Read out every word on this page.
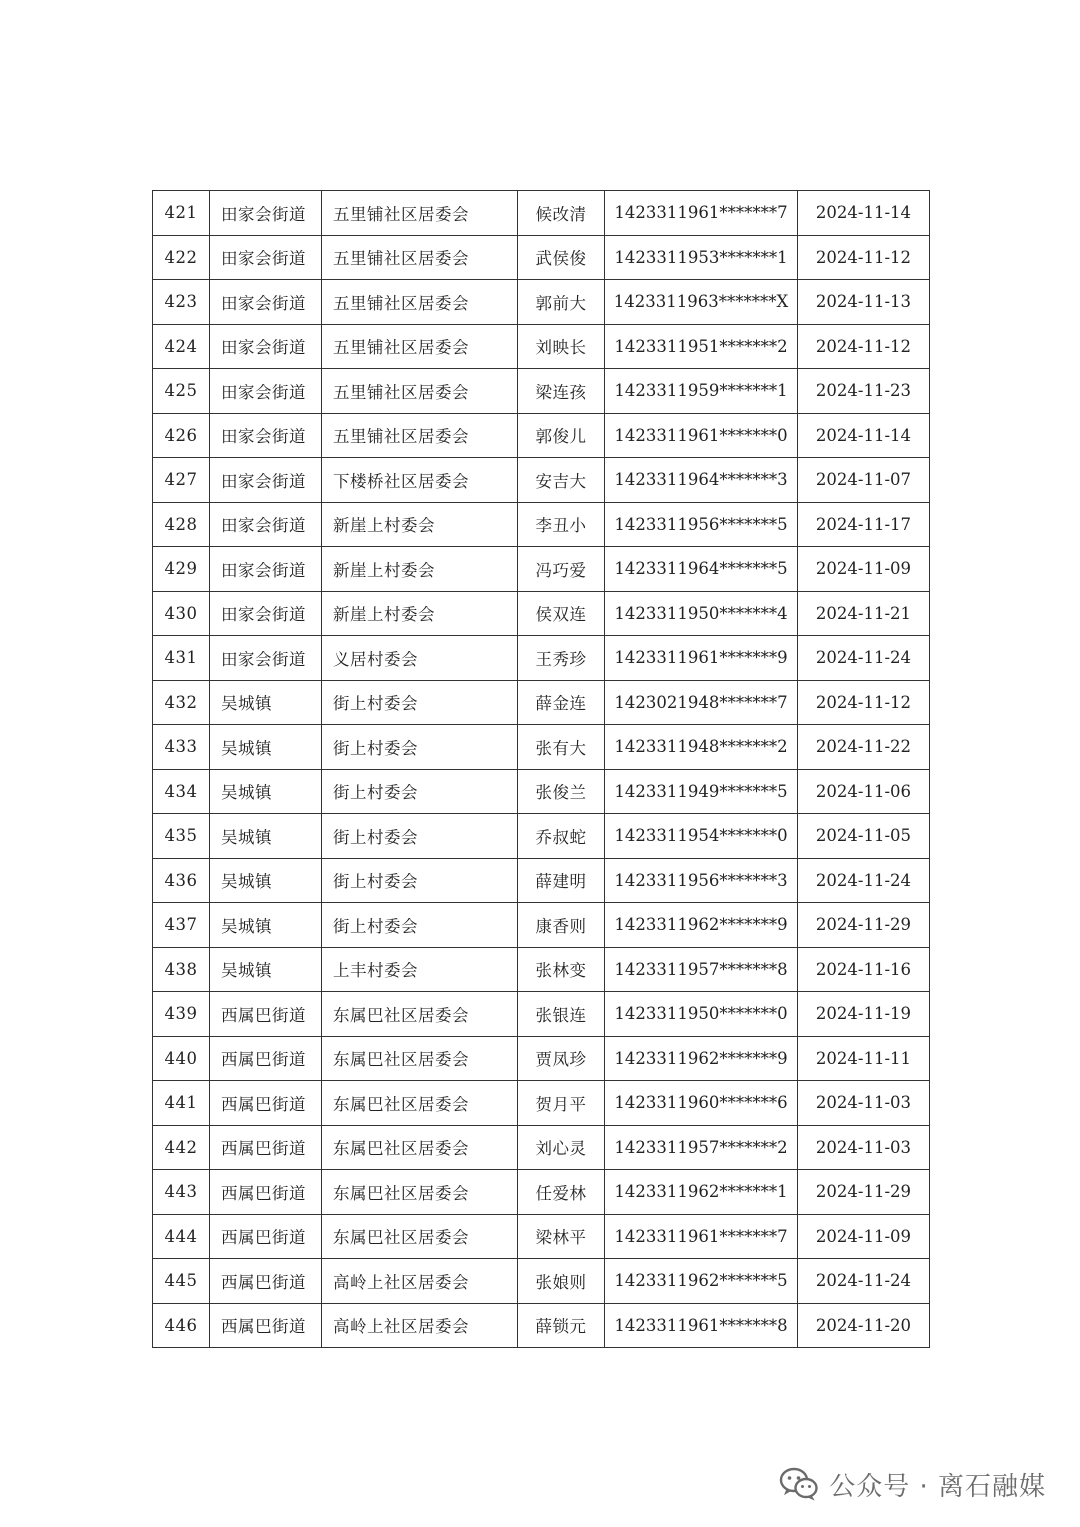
421	田家会街道	五里铺社区居委会	候改清	1423311961*******7	2024-11-14
422	田家会街道	五里铺社区居委会	武侯俊	1423311953*******1	2024-11-12
423	田家会街道	五里铺社区居委会	郭前大	1423311963*******X	2024-11-13
424	田家会街道	五里铺社区居委会	刘映长	1423311951*******2	2024-11-12
425	田家会街道	五里铺社区居委会	梁连孩	1423311959*******1	2024-11-23
426	田家会街道	五里铺社区居委会	郭俊儿	1423311961*******0	2024-11-14
427	田家会街道	下楼桥社区居委会	安吉大	1423311964*******3	2024-11-07
428	田家会街道	新崖上村委会	李丑小	1423311956*******5	2024-11-17
429	田家会街道	新崖上村委会	冯巧爱	1423311964*******5	2024-11-09
430	田家会街道	新崖上村委会	侯双连	1423311950*******4	2024-11-21
431	田家会街道	义居村委会	王秀珍	1423311961*******9	2024-11-24
432	吴城镇	街上村委会	薛金连	1423021948*******7	2024-11-12
433	吴城镇	街上村委会	张有大	1423311948*******2	2024-11-22
434	吴城镇	街上村委会	张俊兰	1423311949*******5	2024-11-06
435	吴城镇	街上村委会	乔叔蛇	1423311954*******0	2024-11-05
436	吴城镇	街上村委会	薛建明	1423311956*******3	2024-11-24
437	吴城镇	街上村委会	康香则	1423311962*******9	2024-11-29
438	吴城镇	上丰村委会	张林变	1423311957*******8	2024-11-16
439	西属巴街道	东属巴社区居委会	张银连	1423311950*******0	2024-11-19
440	西属巴街道	东属巴社区居委会	贾凤珍	1423311962*******9	2024-11-11
441	西属巴街道	东属巴社区居委会	贺月平	1423311960*******6	2024-11-03
442	西属巴街道	东属巴社区居委会	刘心灵	1423311957*******2	2024-11-03
443	西属巴街道	东属巴社区居委会	任爱林	1423311962*******1	2024-11-29
444	西属巴街道	东属巴社区居委会	梁林平	1423311961*******7	2024-11-09
445	西属巴街道	高岭上社区居委会	张娘则	1423311962*******5	2024-11-24
446	西属巴街道	高岭上社区居委会	薛锁元	1423311961*******8	2024-11-20
公众号 · 离石融媒
